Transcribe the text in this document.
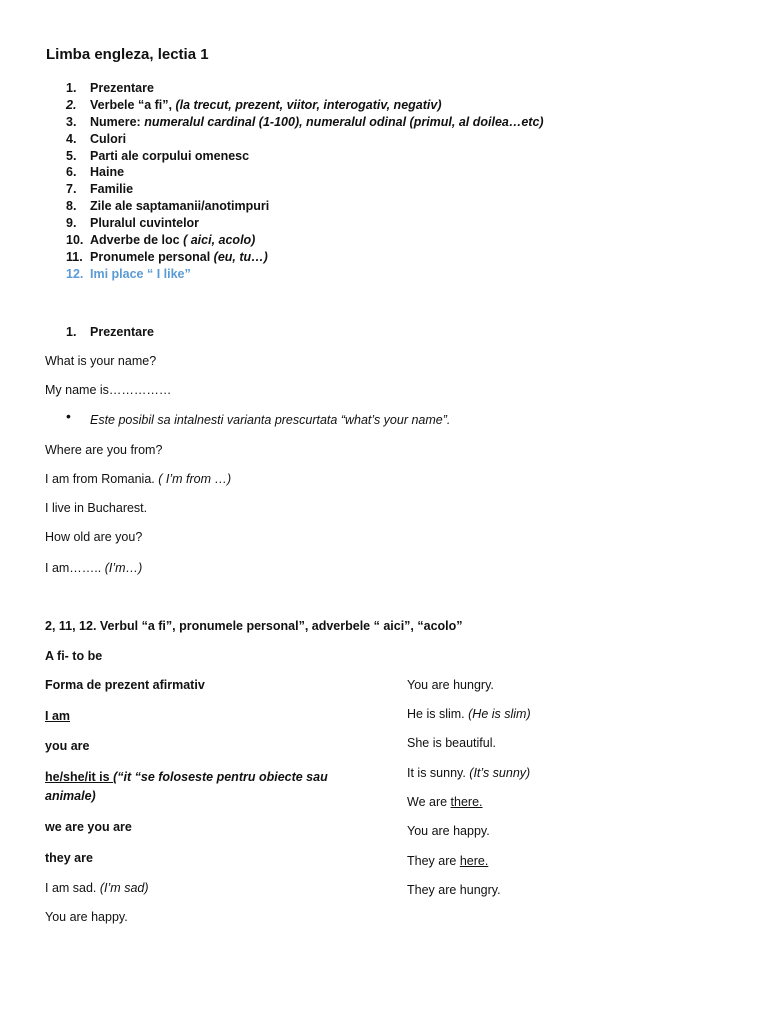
Limba engleza, lectia 1
1. Prezentare
2. Verbele “a fi”, (la trecut, prezent, viitor, interogativ, negativ)
3. Numere: numeralul cardinal (1-100), numeralul odinal (primul, al doilea…etc)
4. Culori
5. Parti ale corpului omenesc
6. Haine
7. Familie
8. Zile ale saptamanii/anotimpuri
9. Pluralul cuvintelor
10. Adverbe de loc ( aici, acolo)
11. Pronumele personal (eu, tu…)
12. Imi place “ I like”
1. Prezentare
What is your name?
My name is……………
• Este posibil sa intalnesti varianta prescurtata “what’s your name”.
Where are you from?
I am from Romania. ( I’m from …)
I live in Bucharest.
How old are you?
I am…….. (I’m…)
2, 11, 12. Verbul “a fi”, pronumele personal”, adverbele “ aici”, “acolo”
A fi- to be
Forma de prezent afirmativ
I am
you are
he/she/it is (“it “se foloseste pentru obiecte sau
animale)
we are you are
they are
I am sad. (I’m sad)
You are happy.
You are hungry.
He is slim. (He is slim)
She is beautiful.
It is sunny. (It’s sunny)
We are there.
You are happy.
They are here.
They are hungry.
